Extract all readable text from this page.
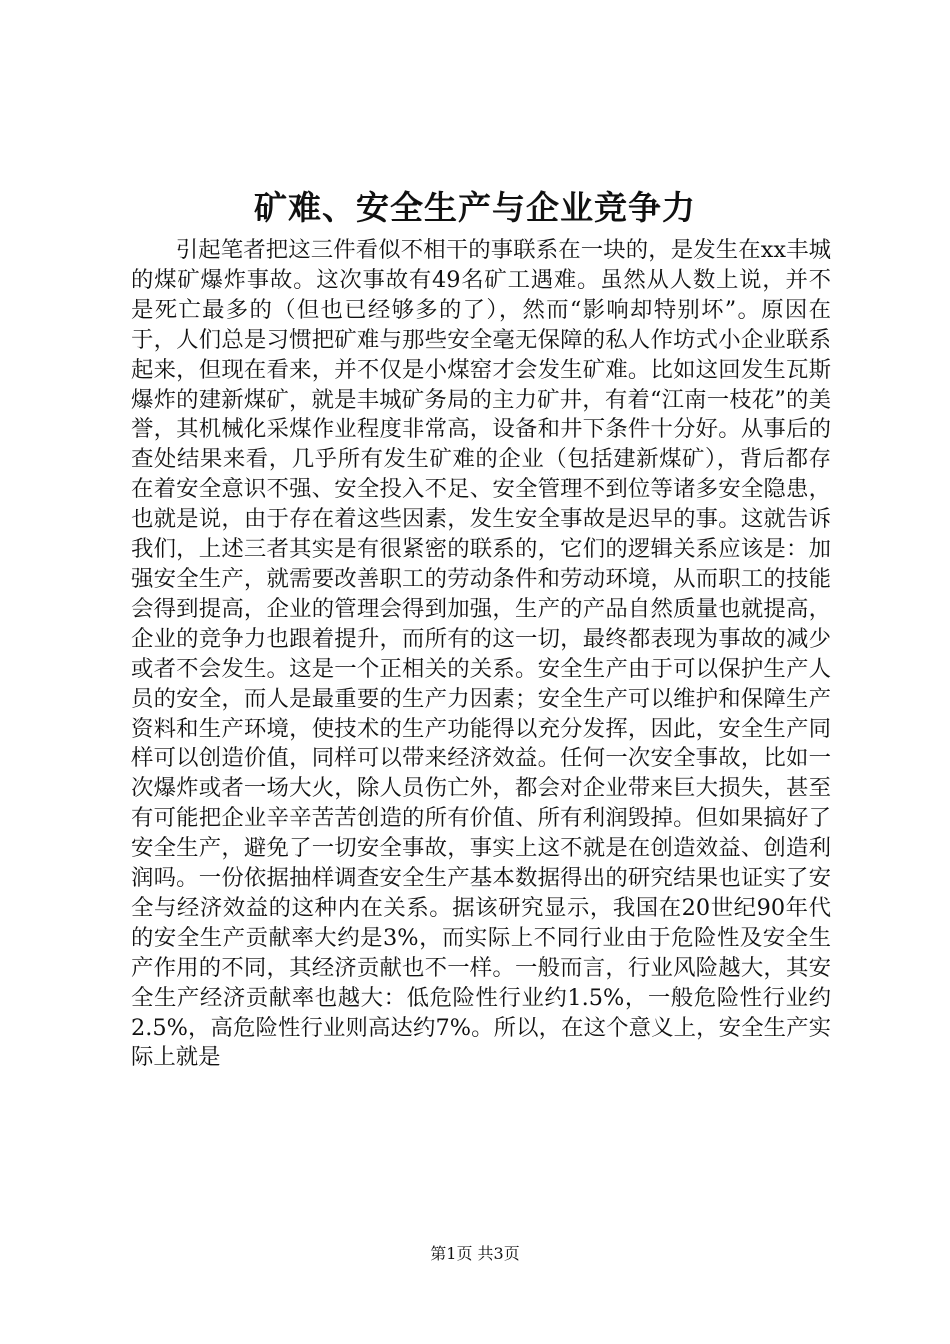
矿难、安全生产与企业竞争力

引起笔者把这三件看似不相干的事联系在一块的，是发生在xx丰城的煤矿爆炸事故。这次事故有49名矿工遇难。虽然从人数上说，并不是死亡最多的（但也已经够多的了），然而“影响却特别坏”。原因在于，人们总是习惯把矿难与那些安全毫无保障的私人作坊式小企业联系起来，但现在看来，并不仅是小煤窑才会发生矿难。比如这回发生瓦斯爆炸的建新煤矿，就是丰城矿务局的主力矿井，有着“江南一枝花”的美誉，其机械化采煤作业程度非常高，设备和井下条件十分好。从事后的查处结果来看，几乎所有发生矿难的企业（包括建新煤矿），背后都存在着安全意识不强、安全投入不足、安全管理不到位等诸多安全隐患，也就是说，由于存在着这些因素，发生安全事故是迟早的事。这就告诉我们，上述三者其实是有很紧密的联系的，它们的逻辑关系应该是：加强安全生产，就需要改善职工的劳动条件和劳动环境，从而职工的技能会得到提高，企业的管理会得到加强，生产的产品自然质量也就提高，企业的竞争力也跟着提升，而所有的这一切，最终都表现为事故的减少或者不会发生。这是一个正相关的关系。安全生产由于可以保护生产人员的安全，而人是最重要的生产力因素；安全生产可以维护和保障生产资料和生产环境，使技术的生产功能得以充分发挥，因此，安全生产同样可以创造价值，同样可以带来经济效益。任何一次安全事故，比如一次爆炸或者一场大火，除人员伤亡外，都会对企业带来巨大损失，甚至有可能把企业辛辛苦苦创造的所有价值、所有利润毁掉。但如果搞好了安全生产，避免了一切安全事故，事实上这不就是在创造效益、创造利润吗。一份依据抽样调查安全生产基本数据得出的研究结果也证实了安全与经济效益的这种内在关系。据该研究显示，我国在20世纪90年代的安全生产贡献率大约是3%，而实际上不同行业由于危险性及安全生产作用的不同，其经济贡献也不一样。一般而言，行业风险越大，其安全生产经济贡献率也越大：低危险性行业约1.5%，一般危险性行业约2.5%，高危险性行业则高达约7%。所以，在这个意义上，安全生产实际上就是

第1页 共3页
